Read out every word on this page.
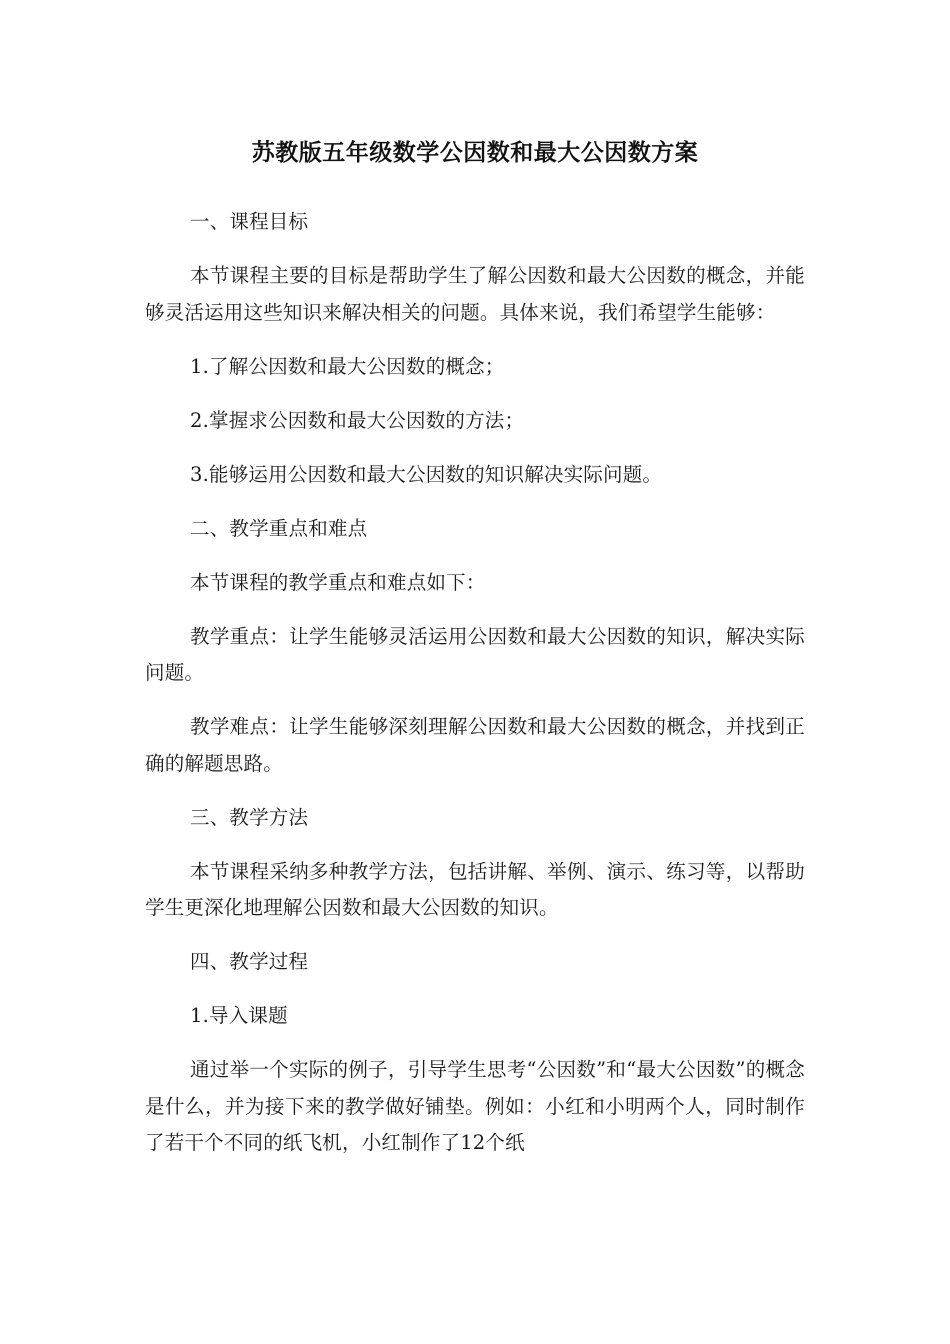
苏教版五年级数学公因数和最大公因数方案

一、课程目标

本节课程主要的目标是帮助学生了解公因数和最大公因数的概念，并能够灵活运用这些知识来解决相关的问题。具体来说，我们希望学生能够：

1.了解公因数和最大公因数的概念；

2.掌握求公因数和最大公因数的方法；

3.能够运用公因数和最大公因数的知识解决实际问题。

二、教学重点和难点

本节课程的教学重点和难点如下：

教学重点：让学生能够灵活运用公因数和最大公因数的知识，解决实际问题。

教学难点：让学生能够深刻理解公因数和最大公因数的概念，并找到正确的解题思路。

三、教学方法

本节课程采纳多种教学方法，包括讲解、举例、演示、练习等，以帮助学生更深化地理解公因数和最大公因数的知识。

四、教学过程

1.导入课题

通过举一个实际的例子，引导学生思考“公因数”和“最大公因数”的概念是什么，并为接下来的教学做好铺垫。例如：小红和小明两个人，同时制作了若干个不同的纸飞机，小红制作了12个纸
